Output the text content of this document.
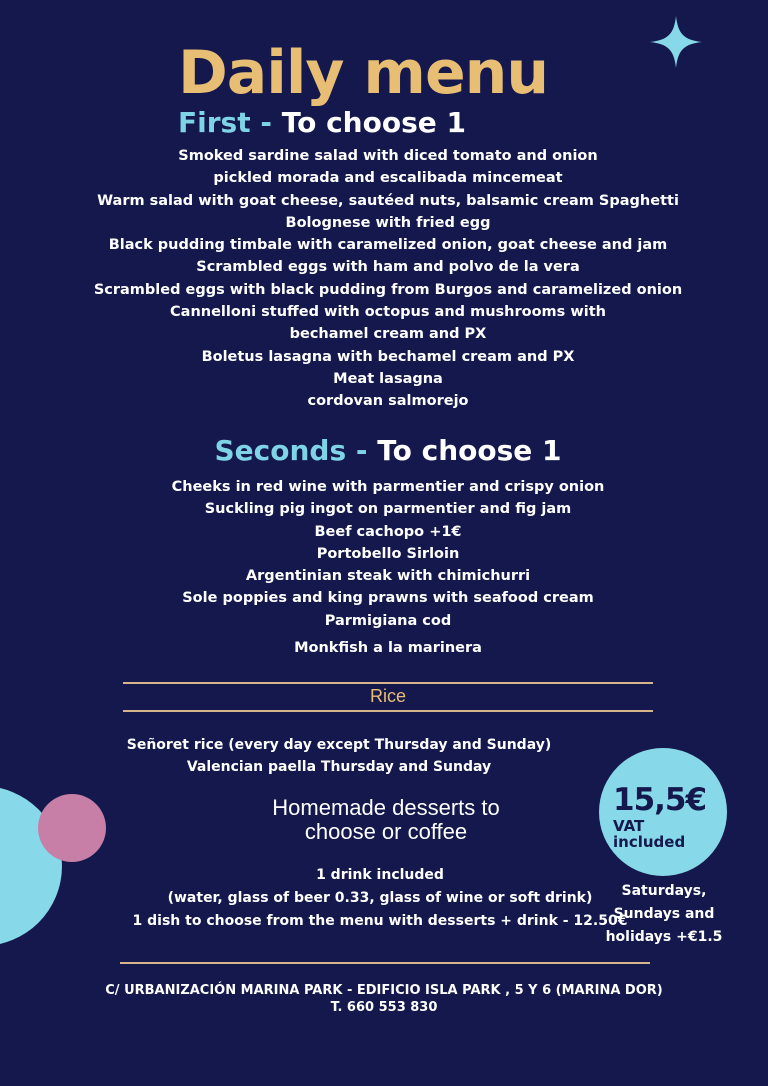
Daily menu
First - To choose 1
Smoked sardine salad with diced tomato and onion
pickled morada and escalibada mincemeat
Warm salad with goat cheese, sautéed nuts, balsamic cream Spaghetti
Bolognese with fried egg
Black pudding timbale with caramelized onion, goat cheese and jam
Scrambled eggs with ham and polvo de la vera
Scrambled eggs with black pudding from Burgos and caramelized onion
Cannelloni stuffed with octopus and mushrooms with
bechamel cream and PX
Boletus lasagna with bechamel cream and PX
Meat lasagna
cordovan salmorejo
Seconds - To choose 1
Cheeks in red wine with parmentier and crispy onion
Suckling pig ingot on parmentier and fig jam
Beef cachopo +1€
Portobello Sirloin
Argentinian steak with chimichurri
Sole poppies and king prawns with seafood cream
Parmigiana cod
Monkfish a la marinera
Rice
Señoret rice (every day except Thursday and Sunday)
Valencian paella Thursday and Sunday
Homemade desserts to
choose or coffee
1 drink included
(water, glass of beer 0.33, glass of wine or soft drink)
1 dish to choose from the menu with desserts + drink - 12.50€
15,5€
VAT
included
Saturdays,
Sundays and
holidays +€1.5
C/ URBANIZACIÓN MARINA PARK - EDIFICIO ISLA PARK , 5 Y 6 (MARINA DOR)
T. 660 553 830
